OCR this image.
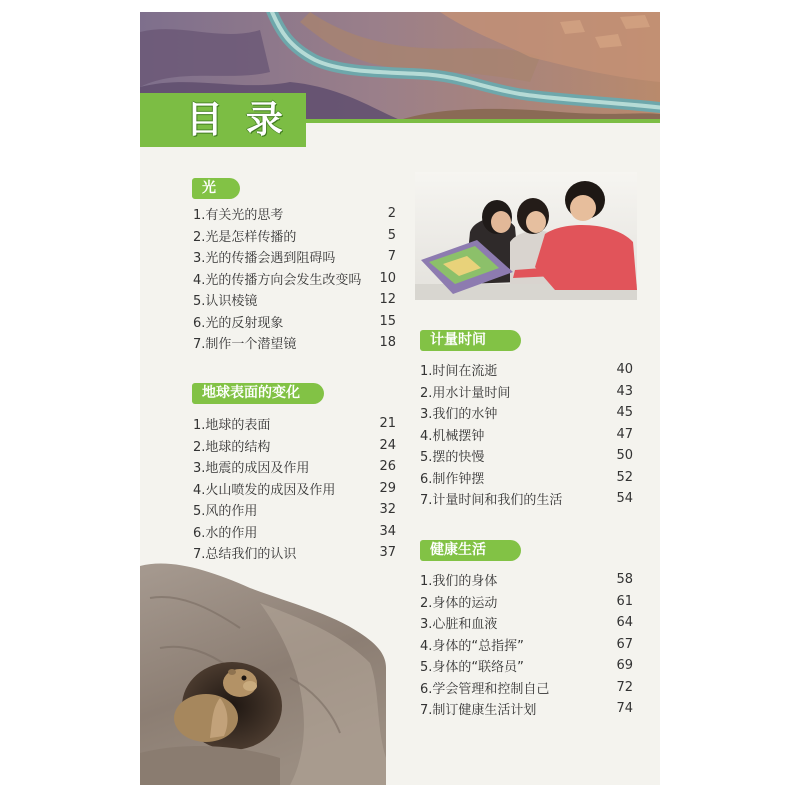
目 录
光
1.有关光的思考	2
2.光是怎样传播的	5
3.光的传播会遇到阻碍吗	7
4.光的传播方向会发生改变吗 10
5.认识棱镜	12
6.光的反射现象	15
7.制作一个潜望镜	18
地球表面的变化
1.地球的表面	21
2.地球的结构	24
3.地震的成因及作用	26
4.火山喷发的成因及作用	29
5.风的作用	32
6.水的作用	34
7.总结我们的认识	37
计量时间
1.时间在流逝	40
2.用水计量时间	43
3.我们的水钟	45
4.机械摆钟	47
5.摆的快慢	50
6.制作钟摆	52
7.计量时间和我们的生活	54
健康生活
1.我们的身体	58
2.身体的运动	61
3.心脏和血液	64
4.身体的“总指挥”	67
5.身体的“联络员”	69
6.学会管理和控制自己	72
7.制订健康生活计划	74
